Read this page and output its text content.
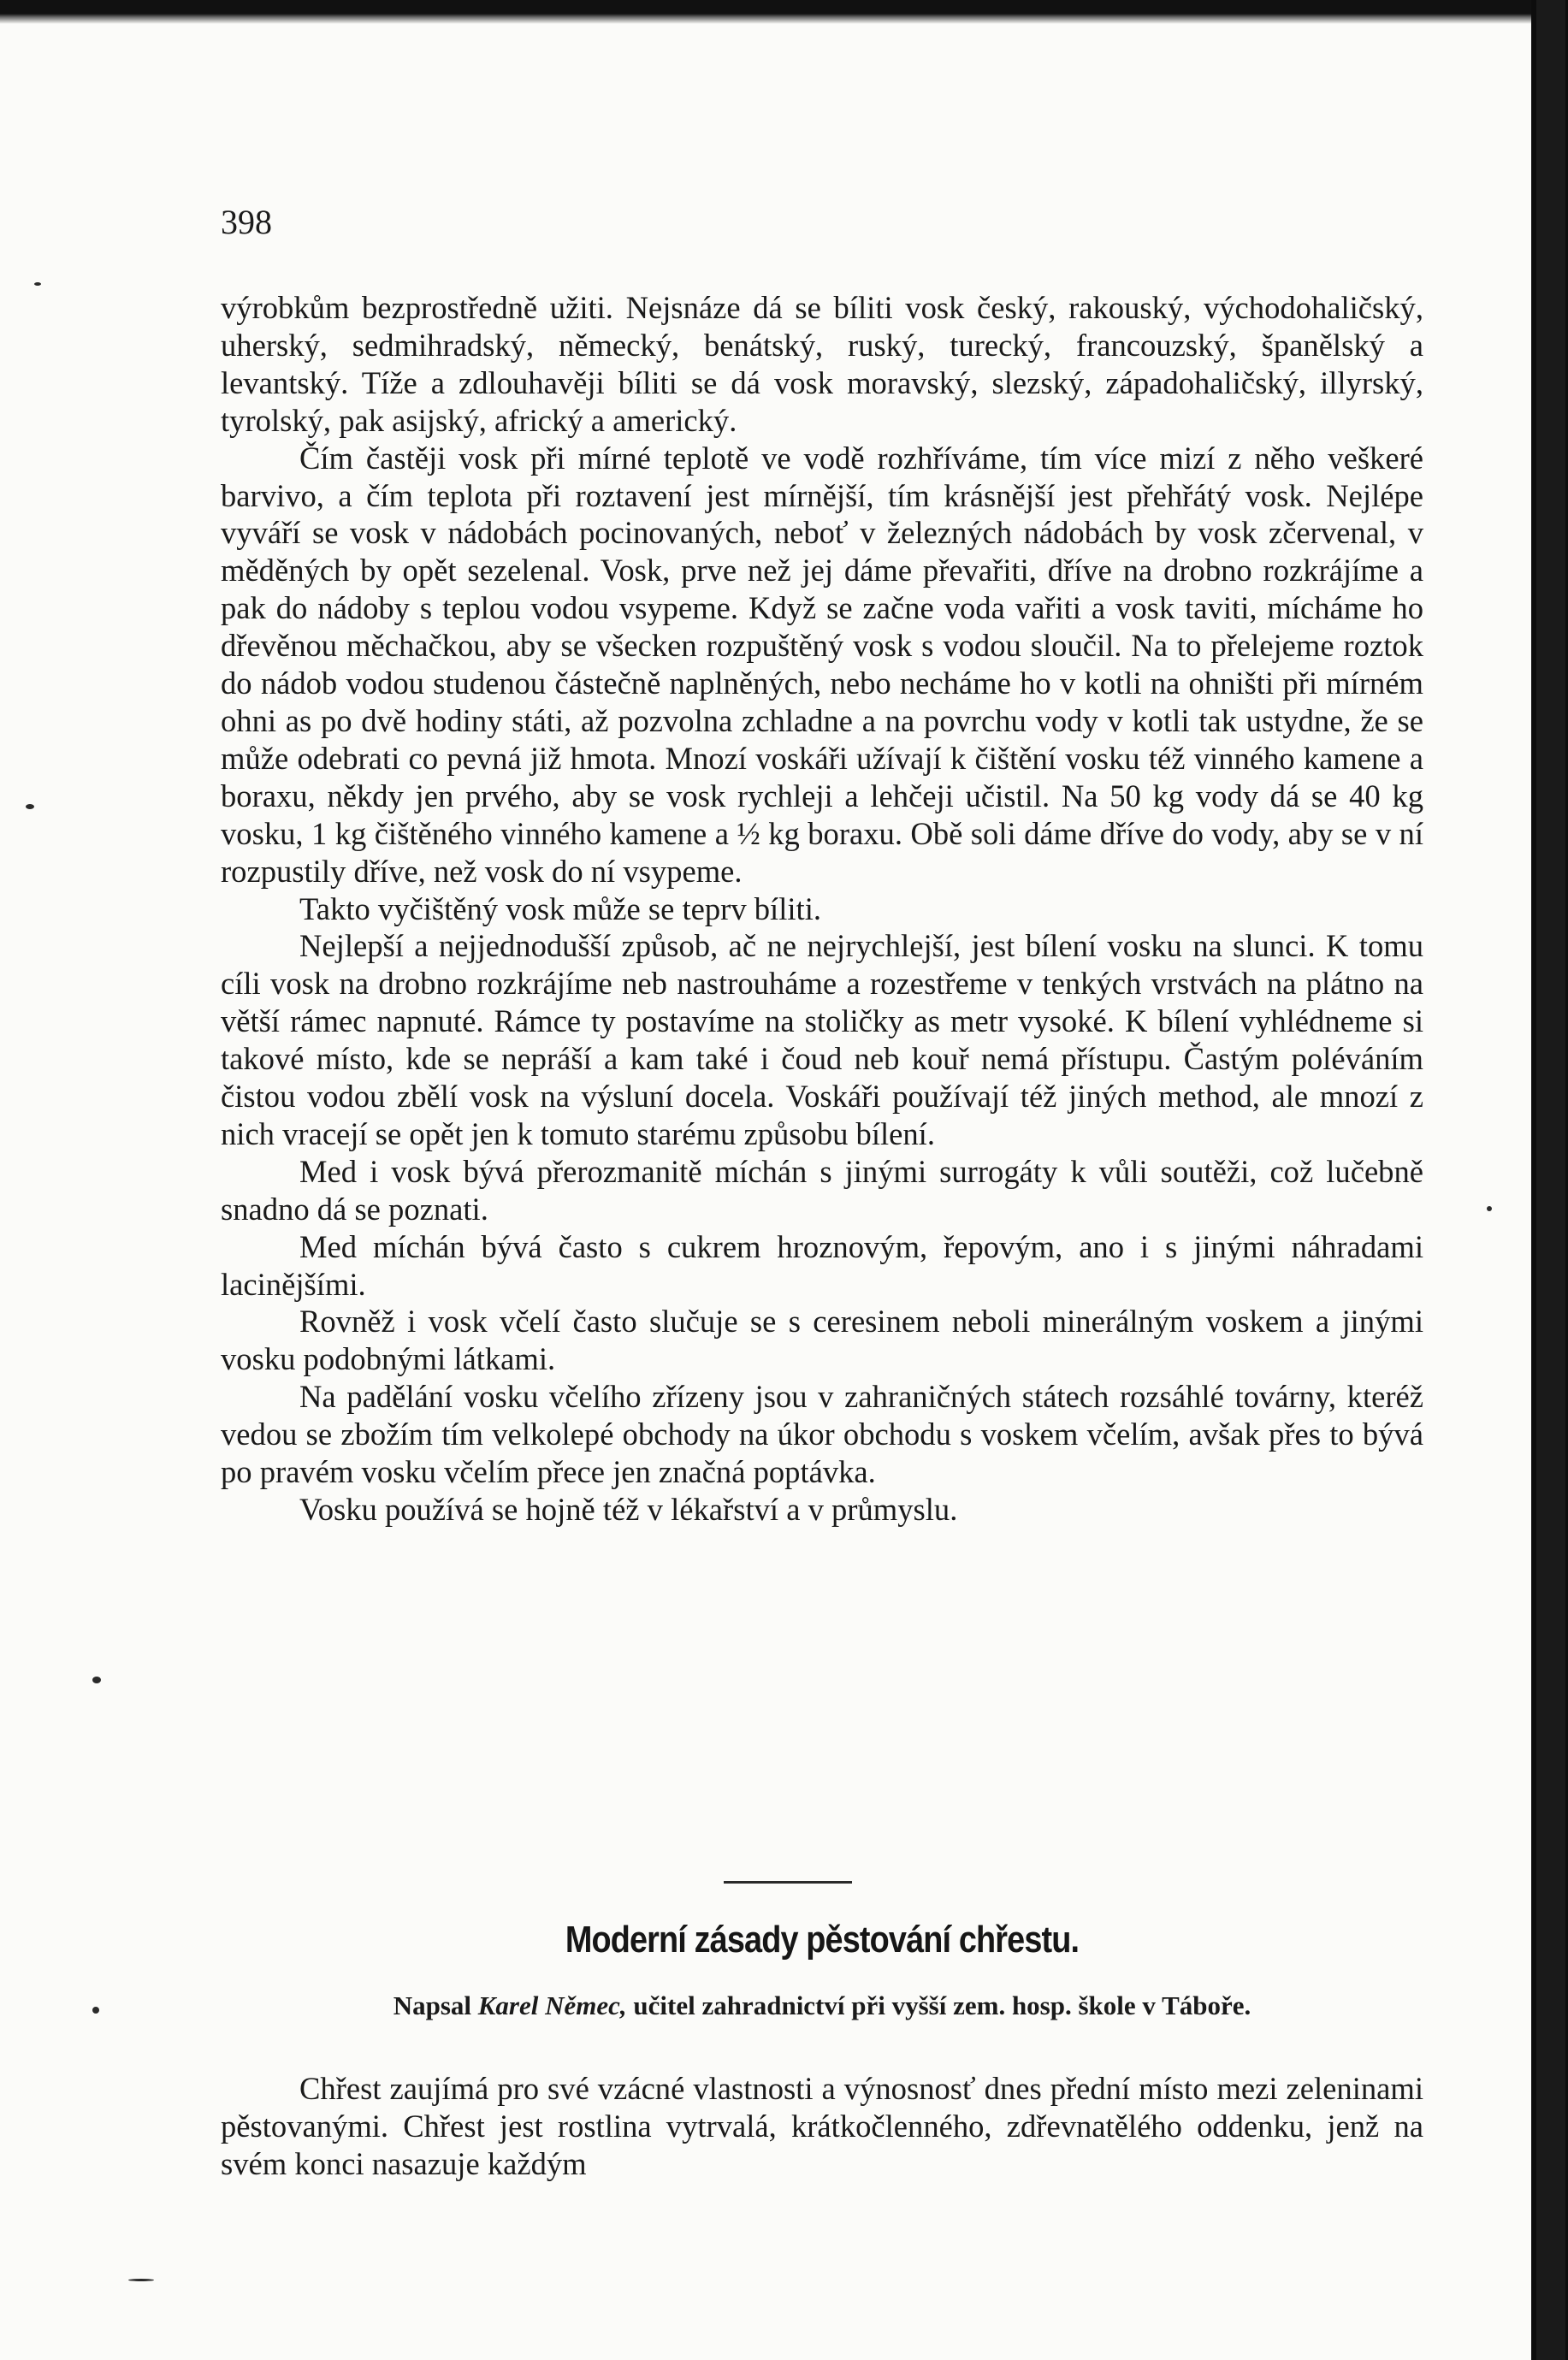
398

výrobkům bezprostředně užiti. Nejsnáze dá se bíliti vosk český, rakouský, východohaličský, uherský, sedmihradský, německý, benátský, ruský, turecký, francouzský, španělský a levantský. Tíže a zdlouhavěji bíliti se dá vosk moravský, slezský, západohaličský, illyrský, tyrolský, pak asijský, africký a americký.

Čím častěji vosk při mírné teplotě ve vodě rozhříváme, tím více mizí z něho veškeré barvivo, a čím teplota při roztavení jest mírnější, tím krásnější jest přehřátý vosk. Nejlépe vyváří se vosk v nádobách pocinovaných, neboť v železných nádobách by vosk zčervenal, v měděných by opět sezelenal. Vosk, prve než jej dáme převařiti, dříve na drobno rozkrájíme a pak do nádoby s teplou vodou vsypeme. Když se začne voda vařiti a vosk taviti, mícháme ho dřevěnou měchačkou, aby se všecken rozpuštěný vosk s vodou sloučil. Na to přelejeme roztok do nádob vodou studenou částečně naplněných, nebo necháme ho v kotli na ohništi při mírném ohni as po dvě hodiny státi, až pozvolna zchladne a na povrchu vody v kotli tak ustydne, že se může odebrati co pevná již hmota. Mnozí voskáři užívají k čištění vosku též vinného kamene a boraxu, někdy jen prvého, aby se vosk rychleji a lehčeji učistil. Na 50 kg vody dá se 40 kg vosku, 1 kg čištěného vinného kamene a ½ kg boraxu. Obě soli dáme dříve do vody, aby se v ní rozpustily dříve, než vosk do ní vsypeme.

Takto vyčištěný vosk může se teprv bíliti.

Nejlepší a nejjednodušší způsob, ač ne nejrychlejší, jest bílení vosku na slunci. K tomu cíli vosk na drobno rozkrájíme neb nastrouháme a rozestřeme v tenkých vrstvách na plátno na větší rámec napnuté. Rámce ty postavíme na stoličky as metr vysoké. K bílení vyhlédneme si takové místo, kde se nepráší a kam také i čoud neb kouř nemá přístupu. Častým poléváním čistou vodou zbělí vosk na výsluní docela. Voskáři používají též jiných method, ale mnozí z nich vracejí se opět jen k tomuto starému způsobu bílení.

Med i vosk bývá přerozmanitě míchán s jinými surrogáty k vůli soutěži, což lučebně snadno dá se poznati.

Med míchán bývá často s cukrem hroznovým, řepovým, ano i s jinými náhradami lacinějšími.

Rovněž i vosk včelí často slučuje se s ceresinem neboli minerálným voskem a jinými vosku podobnými látkami.

Na padělání vosku včelího zřízeny jsou v zahraničných státech rozsáhlé továrny, kteréž vedou se zbožím tím velkolepé obchody na úkor obchodu s voskem včelím, avšak přes to bývá po pravém vosku včelím přece jen značná poptávka.

Vosku používá se hojně též v lékařství a v průmyslu.

Moderní zásady pěstování chřestu.
Napsal Karel Němec, učitel zahradnictví při vyšší zem. hosp. škole v Táboře.

Chřest zaujímá pro své vzácné vlastnosti a výnosnosť dnes přední místo mezi zeleninami pěstovanými. Chřest jest rostlina vytrvalá, krátkočlenného, zdřevnatělého oddenku, jenž na svém konci nasazuje každým
